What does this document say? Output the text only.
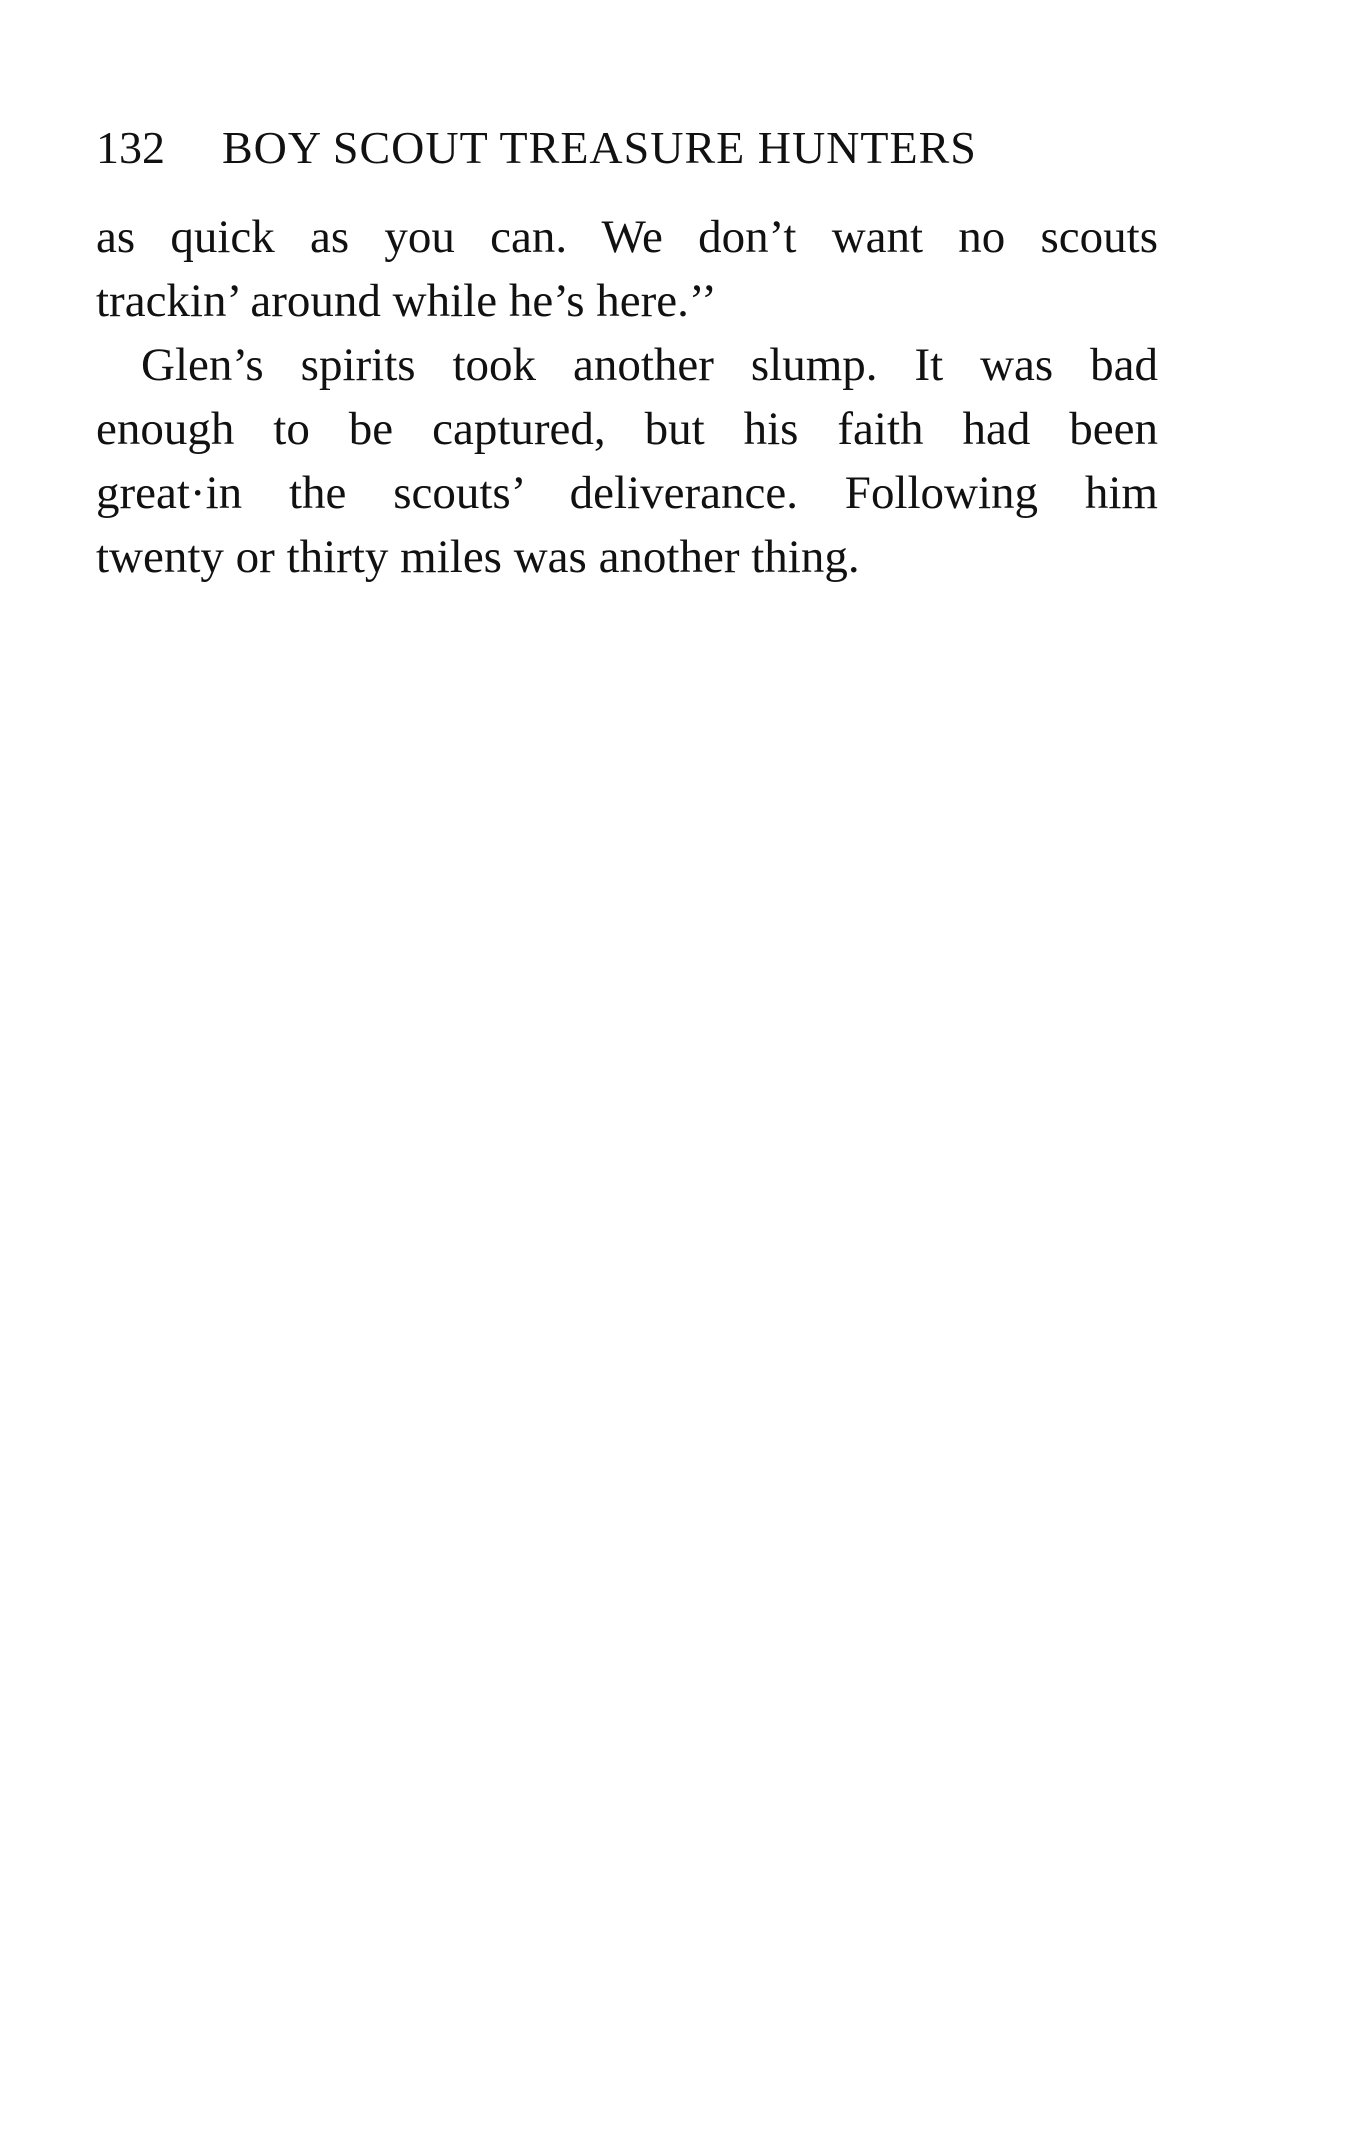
132 BOY SCOUT TREASURE HUNTERS
as quick as you can. We don’t want no scouts
trackin’ around while he’s here.’’
Glen’s spirits took another slump. It was bad
enough to be captured, but his faith had been
great·in the scouts’ deliverance. Following him
twenty or thirty miles was another thing.
